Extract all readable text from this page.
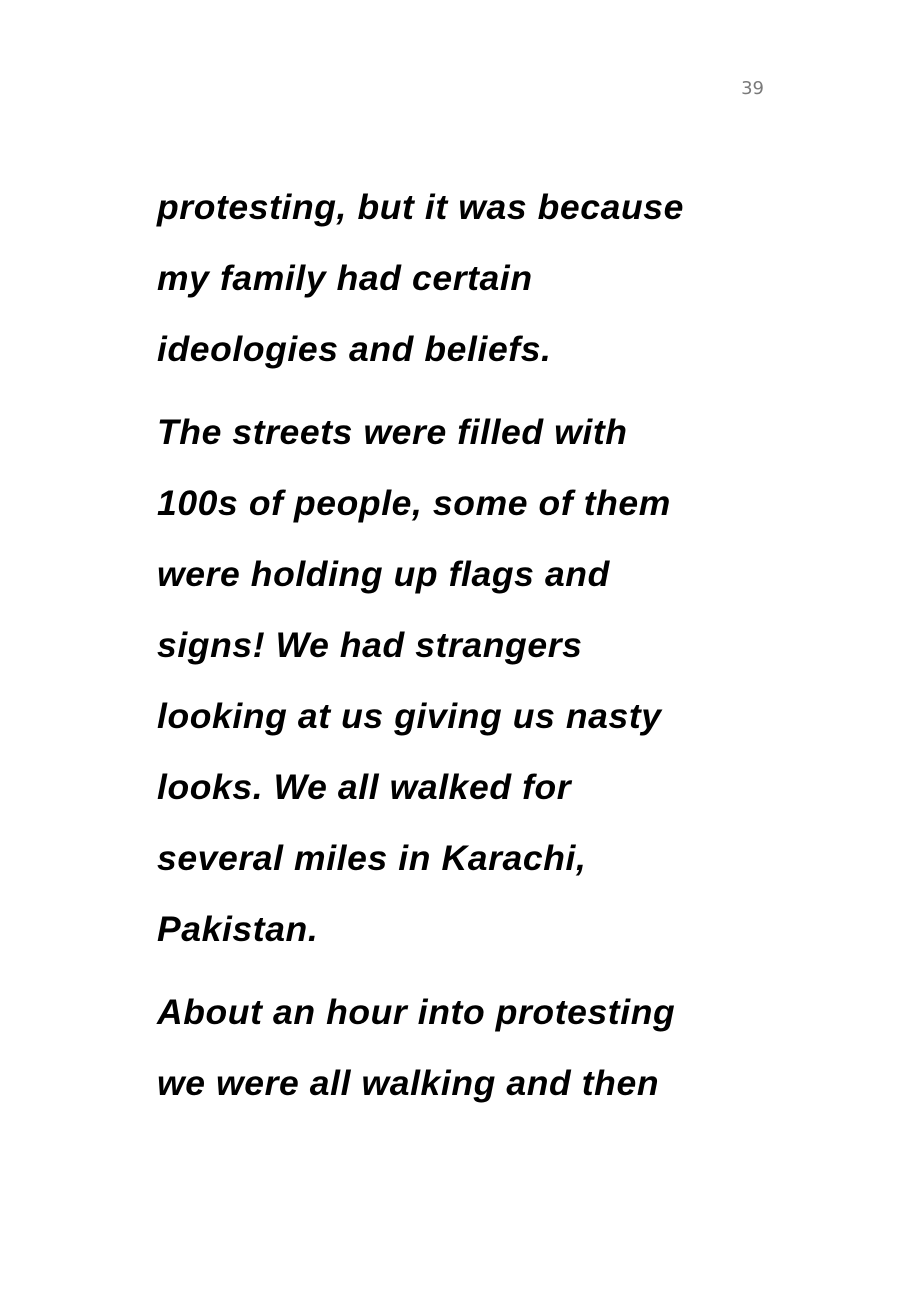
39

protesting, but it was because
my family had certain
ideologies and beliefs.

The streets were filled with
100s of people, some of them
were holding up flags and
signs! We had strangers
looking at us giving us nasty
looks. We all walked for
several miles in Karachi,
Pakistan.

About an hour into protesting
we were all walking and then
